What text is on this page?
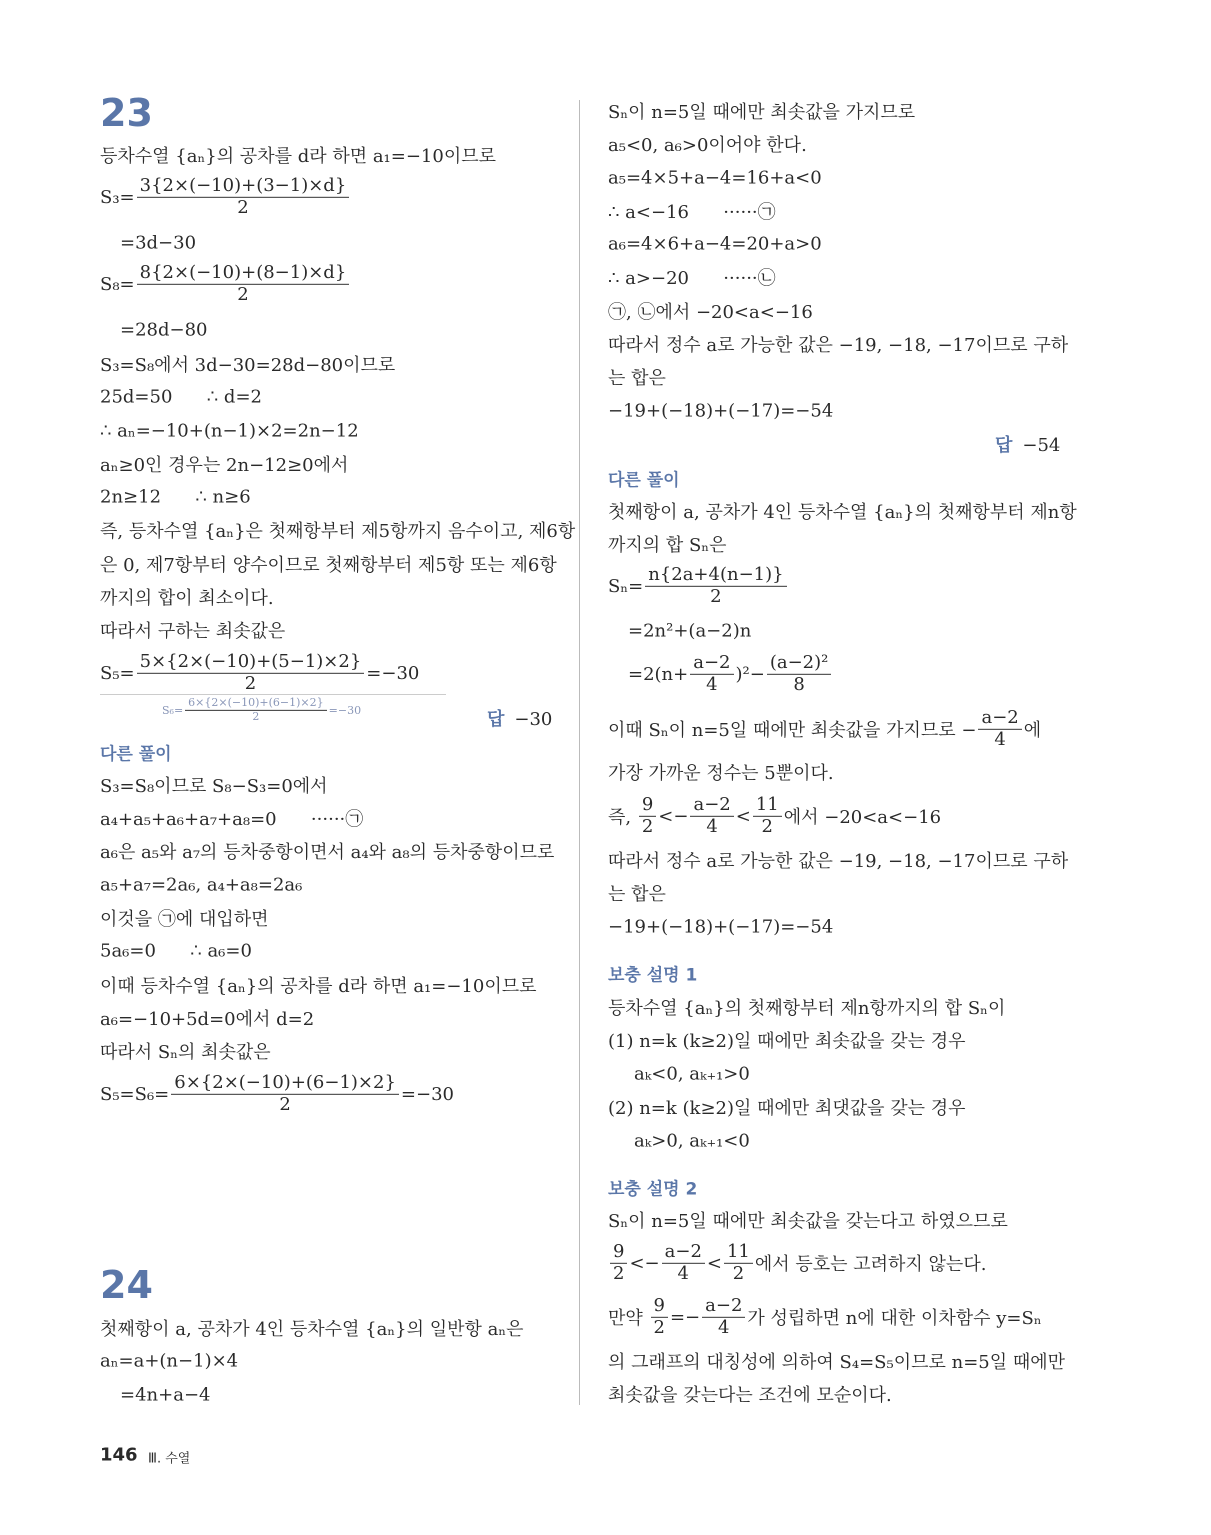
23
등차수열 {aₙ}의 공차를 d라 하면 a₁=−10이므로
$S_3= \frac{3\{2\times(-10)+(3-1)\times d\}}{2}$
=3d−30
$S_8= \frac{8\{2\times(-10)+(8-1)\times d\}}{2}$
=28d−80
S₃=S₈에서 3d−30=28d−80이므로
25d=50      ∴ d=2
∴ aₙ=−10+(n−1)×2=2n−12
aₙ≥0인 경우는 2n−12≥0에서
2n≥12      ∴ n≥6
즉, 등차수열 {aₙ}은 첫째항부터 제5항까지 음수이고, 제6항
은 0, 제7항부터 양수이므로 첫째항부터 제5항 또는 제6항
까지의 합이 최소이다.
따라서 구하는 최솟값은
$S_5= \frac{5\times\{2\times(-10)+(5-1)\times 2\}}{2} =-30$
$S_6= \frac{6\times\{2\times(-10)+(6-1)\times 2\}}{2} =-30$	답 −30
다른 풀이
S₃=S₈이므로 S₈−S₃=0에서
a₄+a₅+a₆+a₇+a₈=0      ······㉠
a₆은 a₅와 a₇의 등차중항이면서 a₄와 a₈의 등차중항이므로
a₅+a₇=2a₆, a₄+a₈=2a₆
이것을 ㉠에 대입하면
5a₆=0      ∴ a₆=0
이때 등차수열 {aₙ}의 공차를 d라 하면 a₁=−10이므로
a₆=−10+5d=0에서 d=2
따라서 Sₙ의 최솟값은
$S_5=S_6= \frac{6\times\{2\times(-10)+(6-1)\times 2\}}{2} =-30$
24
첫째항이 a, 공차가 4인 등차수열 {aₙ}의 일반항 aₙ은
aₙ=a+(n−1)×4
=4n+a−4
Sₙ이 n=5일 때에만 최솟값을 가지므로
a₅<0, a₆>0이어야 한다.
a₅=4×5+a−4=16+a<0
∴ a<−16      ······㉠
a₆=4×6+a−4=20+a>0
∴ a>−20      ······㉡
㉠, ㉡에서 −20<a<−16
따라서 정수 a로 가능한 값은 −19, −18, −17이므로 구하
는 합은
−19+(−18)+(−17)=−54
답 −54
다른 풀이
첫째항이 a, 공차가 4인 등차수열 {aₙ}의 첫째항부터 제n항
까지의 합 Sₙ은
$S_n= \frac{n\{2a+4(n-1)\}}{2}$
=2n²+(a−2)n
$=2(n+ \frac{a-2}{4} )^2- \frac{\text{(a−2)²}}{8}$
이때 Sₙ이 n=5일 때에만 최솟값을 가지므로 − $\frac{a-2}{4}$ 에
가장 가까운 정수는 5뿐이다.
즉, $\frac{9}{2} <- \frac{a-2}{4} < \frac{11}{2}$ 에서 −20<a<−16
따라서 정수 a로 가능한 값은 −19, −18, −17이므로 구하
는 합은
−19+(−18)+(−17)=−54
보충 설명 1
등차수열 {aₙ}의 첫째항부터 제n항까지의 합 Sₙ이
(1) n=k (k≥2)일 때에만 최솟값을 갖는 경우
aₖ<0, aₖ₊₁>0
(2) n=k (k≥2)일 때에만 최댓값을 갖는 경우
aₖ>0, aₖ₊₁<0
보충 설명 2
Sₙ이 n=5일 때에만 최솟값을 갖는다고 하였으므로
$\frac{9}{2} <- \frac{a-2}{4} < \frac{11}{2}$ 에서 등호는 고려하지 않는다.
만약 $\frac{9}{2} =- \frac{a-2}{4}$ 가 성립하면 n에 대한 이차함수 y=Sₙ
의 그래프의 대칭성에 의하여 S₄=S₅이므로 n=5일 때에만
최솟값을 갖는다는 조건에 모순이다.
146 Ⅲ. 수열
